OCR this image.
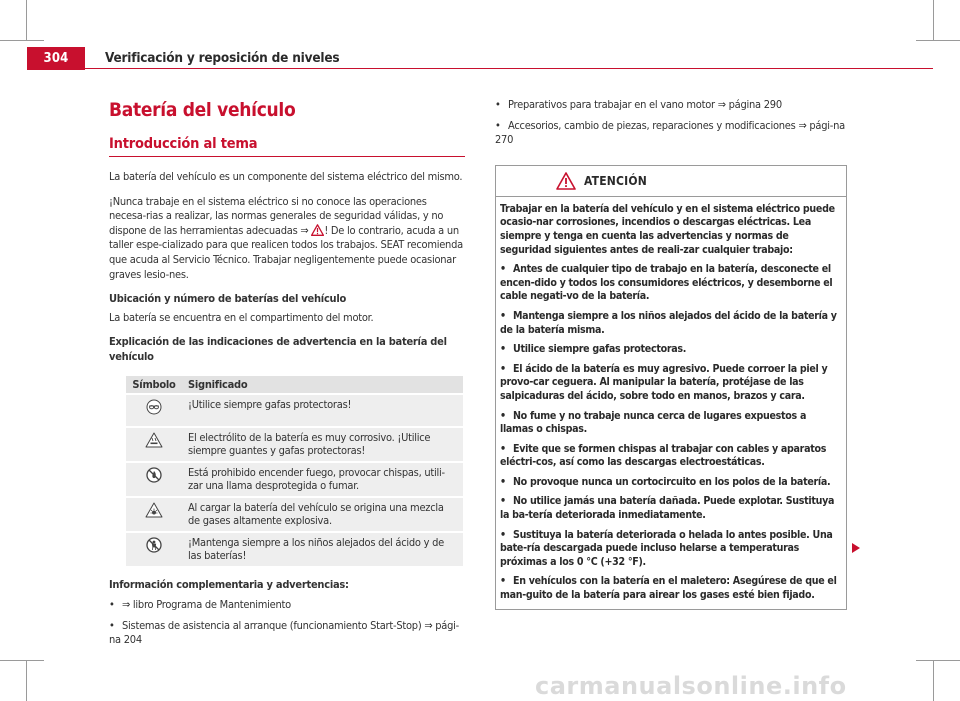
304	Verificación y reposición de niveles
Batería del vehículo
Introducción al tema
La batería del vehículo es un componente del sistema eléctrico del mismo.
¡Nunca trabaje en el sistema eléctrico si no conoce las operaciones necesa-rias a realizar, las normas generales de seguridad válidas, y no dispone de las herramientas adecuadas ⇒ ! De lo contrario, acuda a un taller espe-cializado para que realicen todos los trabajos. SEAT recomienda que acuda al Servicio Técnico. Trabajar negligentemente puede ocasionar graves lesio-nes.
Ubicación y número de baterías del vehículo
La batería se encuentra en el compartimento del motor.
Explicación de las indicaciones de advertencia en la batería del vehículo
Símbolo	Significado
	¡Utilice siempre gafas protectoras!
	El electrólito de la batería es muy corrosivo. ¡Utilice siempre guantes y gafas protectoras!
	Está prohibido encender fuego, provocar chispas, utili-zar una llama desprotegida o fumar.
	Al cargar la batería del vehículo se origina una mezcla de gases altamente explosiva.
	¡Mantenga siempre a los niños alejados del ácido y de las baterías!
Información complementaria y advertencias:
• ⇒ libro Programa de Mantenimiento
• Sistemas de asistencia al arranque (funcionamiento Start-Stop) ⇒ pági-na 204
• Preparativos para trabajar en el vano motor ⇒ página 290
• Accesorios, cambio de piezas, reparaciones y modificaciones ⇒ pági-na 270
ATENCIÓN
Trabajar en la batería del vehículo y en el sistema eléctrico puede ocasio-nar corrosiones, incendios o descargas eléctricas. Lea siempre y tenga en cuenta las advertencias y normas de seguridad siguientes antes de reali-zar cualquier trabajo:
• Antes de cualquier tipo de trabajo en la batería, desconecte el encen-dido y todos los consumidores eléctricos, y desemborne el cable negati-vo de la batería.
• Mantenga siempre a los niños alejados del ácido de la batería y de la batería misma.
• Utilice siempre gafas protectoras.
• El ácido de la batería es muy agresivo. Puede corroer la piel y provo-car ceguera. Al manipular la batería, protéjase de las salpicaduras del ácido, sobre todo en manos, brazos y cara.
• No fume y no trabaje nunca cerca de lugares expuestos a llamas o chispas.
• Evite que se formen chispas al trabajar con cables y aparatos eléctri-cos, así como las descargas electroestáticas.
• No provoque nunca un cortocircuito en los polos de la batería.
• No utilice jamás una batería dañada. Puede explotar. Sustituya la ba-tería deteriorada inmediatamente.
• Sustituya la batería deteriorada o helada lo antes posible. Una bate-ría descargada puede incluso helarse a temperaturas próximas a los 0 °C (+32 °F).
• En vehículos con la batería en el maletero: Asegúrese de que el man-guito de la batería para airear los gases esté bien fijado.
carmanualsonline.info
